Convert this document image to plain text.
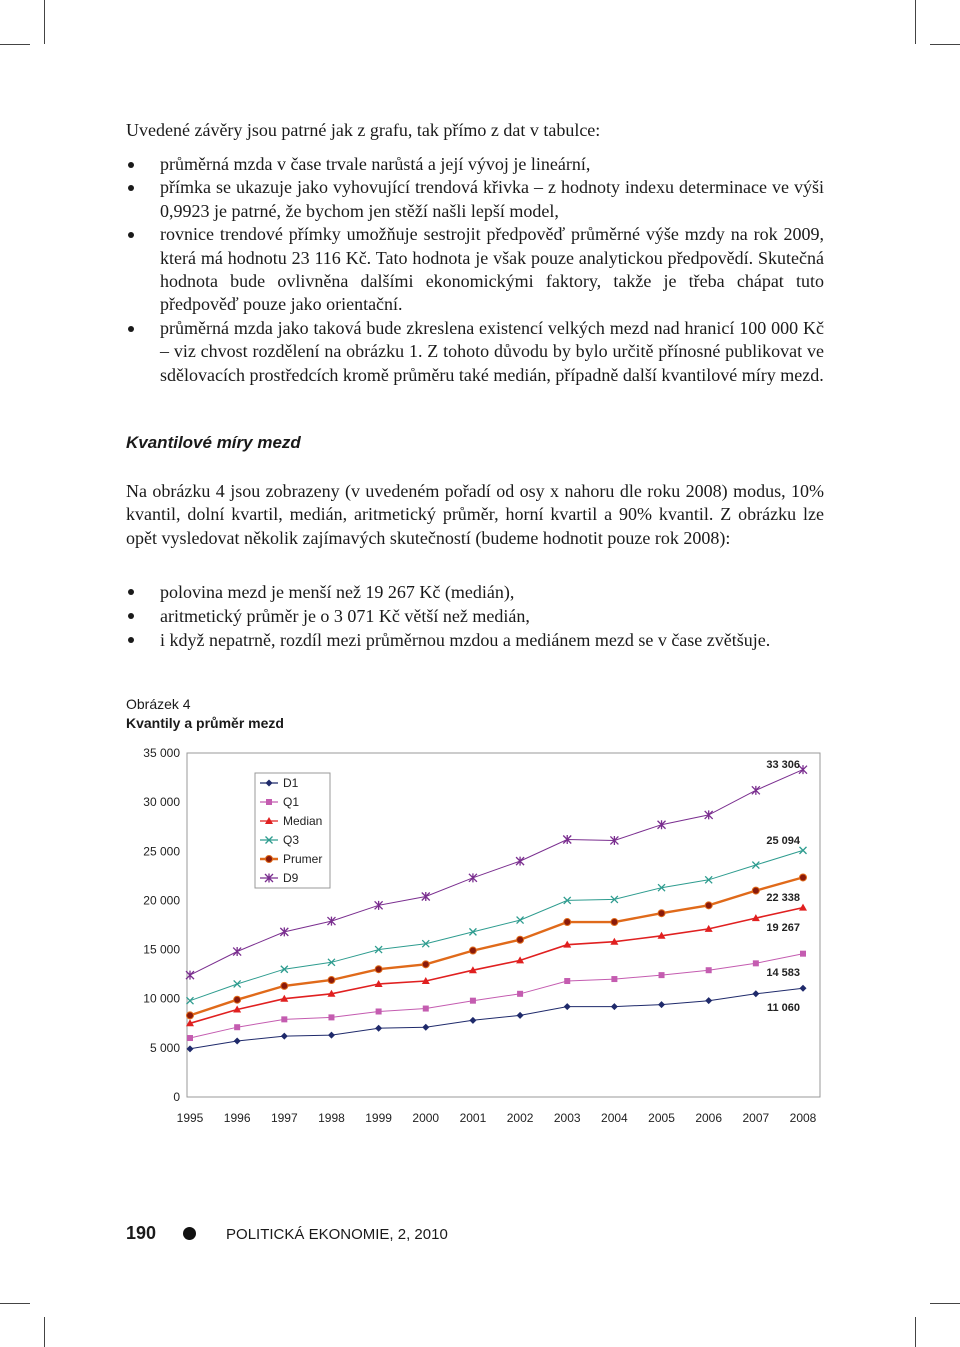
Uvedené závěry jsou patrné jak z grafu, tak přímo z dat v tabulce:

průměrná mzda v čase trvale narůstá a její vývoj je lineární,
přímka se ukazuje jako vyhovující trendová křivka – z hodnoty indexu determinace ve výši 0,9923 je patrné, že bychom jen stěží našli lepší model,
rovnice trendové přímky umožňuje sestrojit předpověď průměrné výše mzdy na rok 2009, která má hodnotu 23 116 Kč. Tato hodnota je však pouze analytickou předpovědí. Skutečná hodnota bude ovlivněna dalšími ekonomickými faktory, takže je třeba chápat tuto předpověď pouze jako orientační.
průměrná mzda jako taková bude zkreslena existencí velkých mezd nad hranicí 100 000 Kč – viz chvost rozdělení na obrázku 1. Z tohoto důvodu by bylo určitě přínosné publikovat ve sdělovacích prostředcích kromě průměru také medián, případně další kvantilové míry mezd.
Kvantilové míry mezd

Na obrázku 4 jsou zobrazeny (v uvedeném pořadí od osy x nahoru dle roku 2008) modus, 10% kvantil, dolní kvartil, medián, aritmetický průměr, horní kvartil a 90% kvantil. Z obrázku lze opět vysledovat několik zajímavých skutečností (budeme hodnotit pouze rok 2008):

polovina mezd je menší než 19 267 Kč (medián),
aritmetický průměr je o 3 071 Kč větší než medián,
i když nepatrně, rozdíl mezi průměrnou mzdou a mediánem mezd se v čase zvětšuje.
Obrázek 4
Kvantily a průměr mezd
0
5 000
10 000
15 000
20 000
25 000
30 000
35 000
1995 1996 1997 1998 1999 2000 2001 2002 2003 2004 2005 2006 2007 2008
33 306
25 094
22 338
19 267
14 583
11 060
D1
Q1
Median
Q3
Prumer
D9
190	POLITICKÁ EKONOMIE, 2, 2010
